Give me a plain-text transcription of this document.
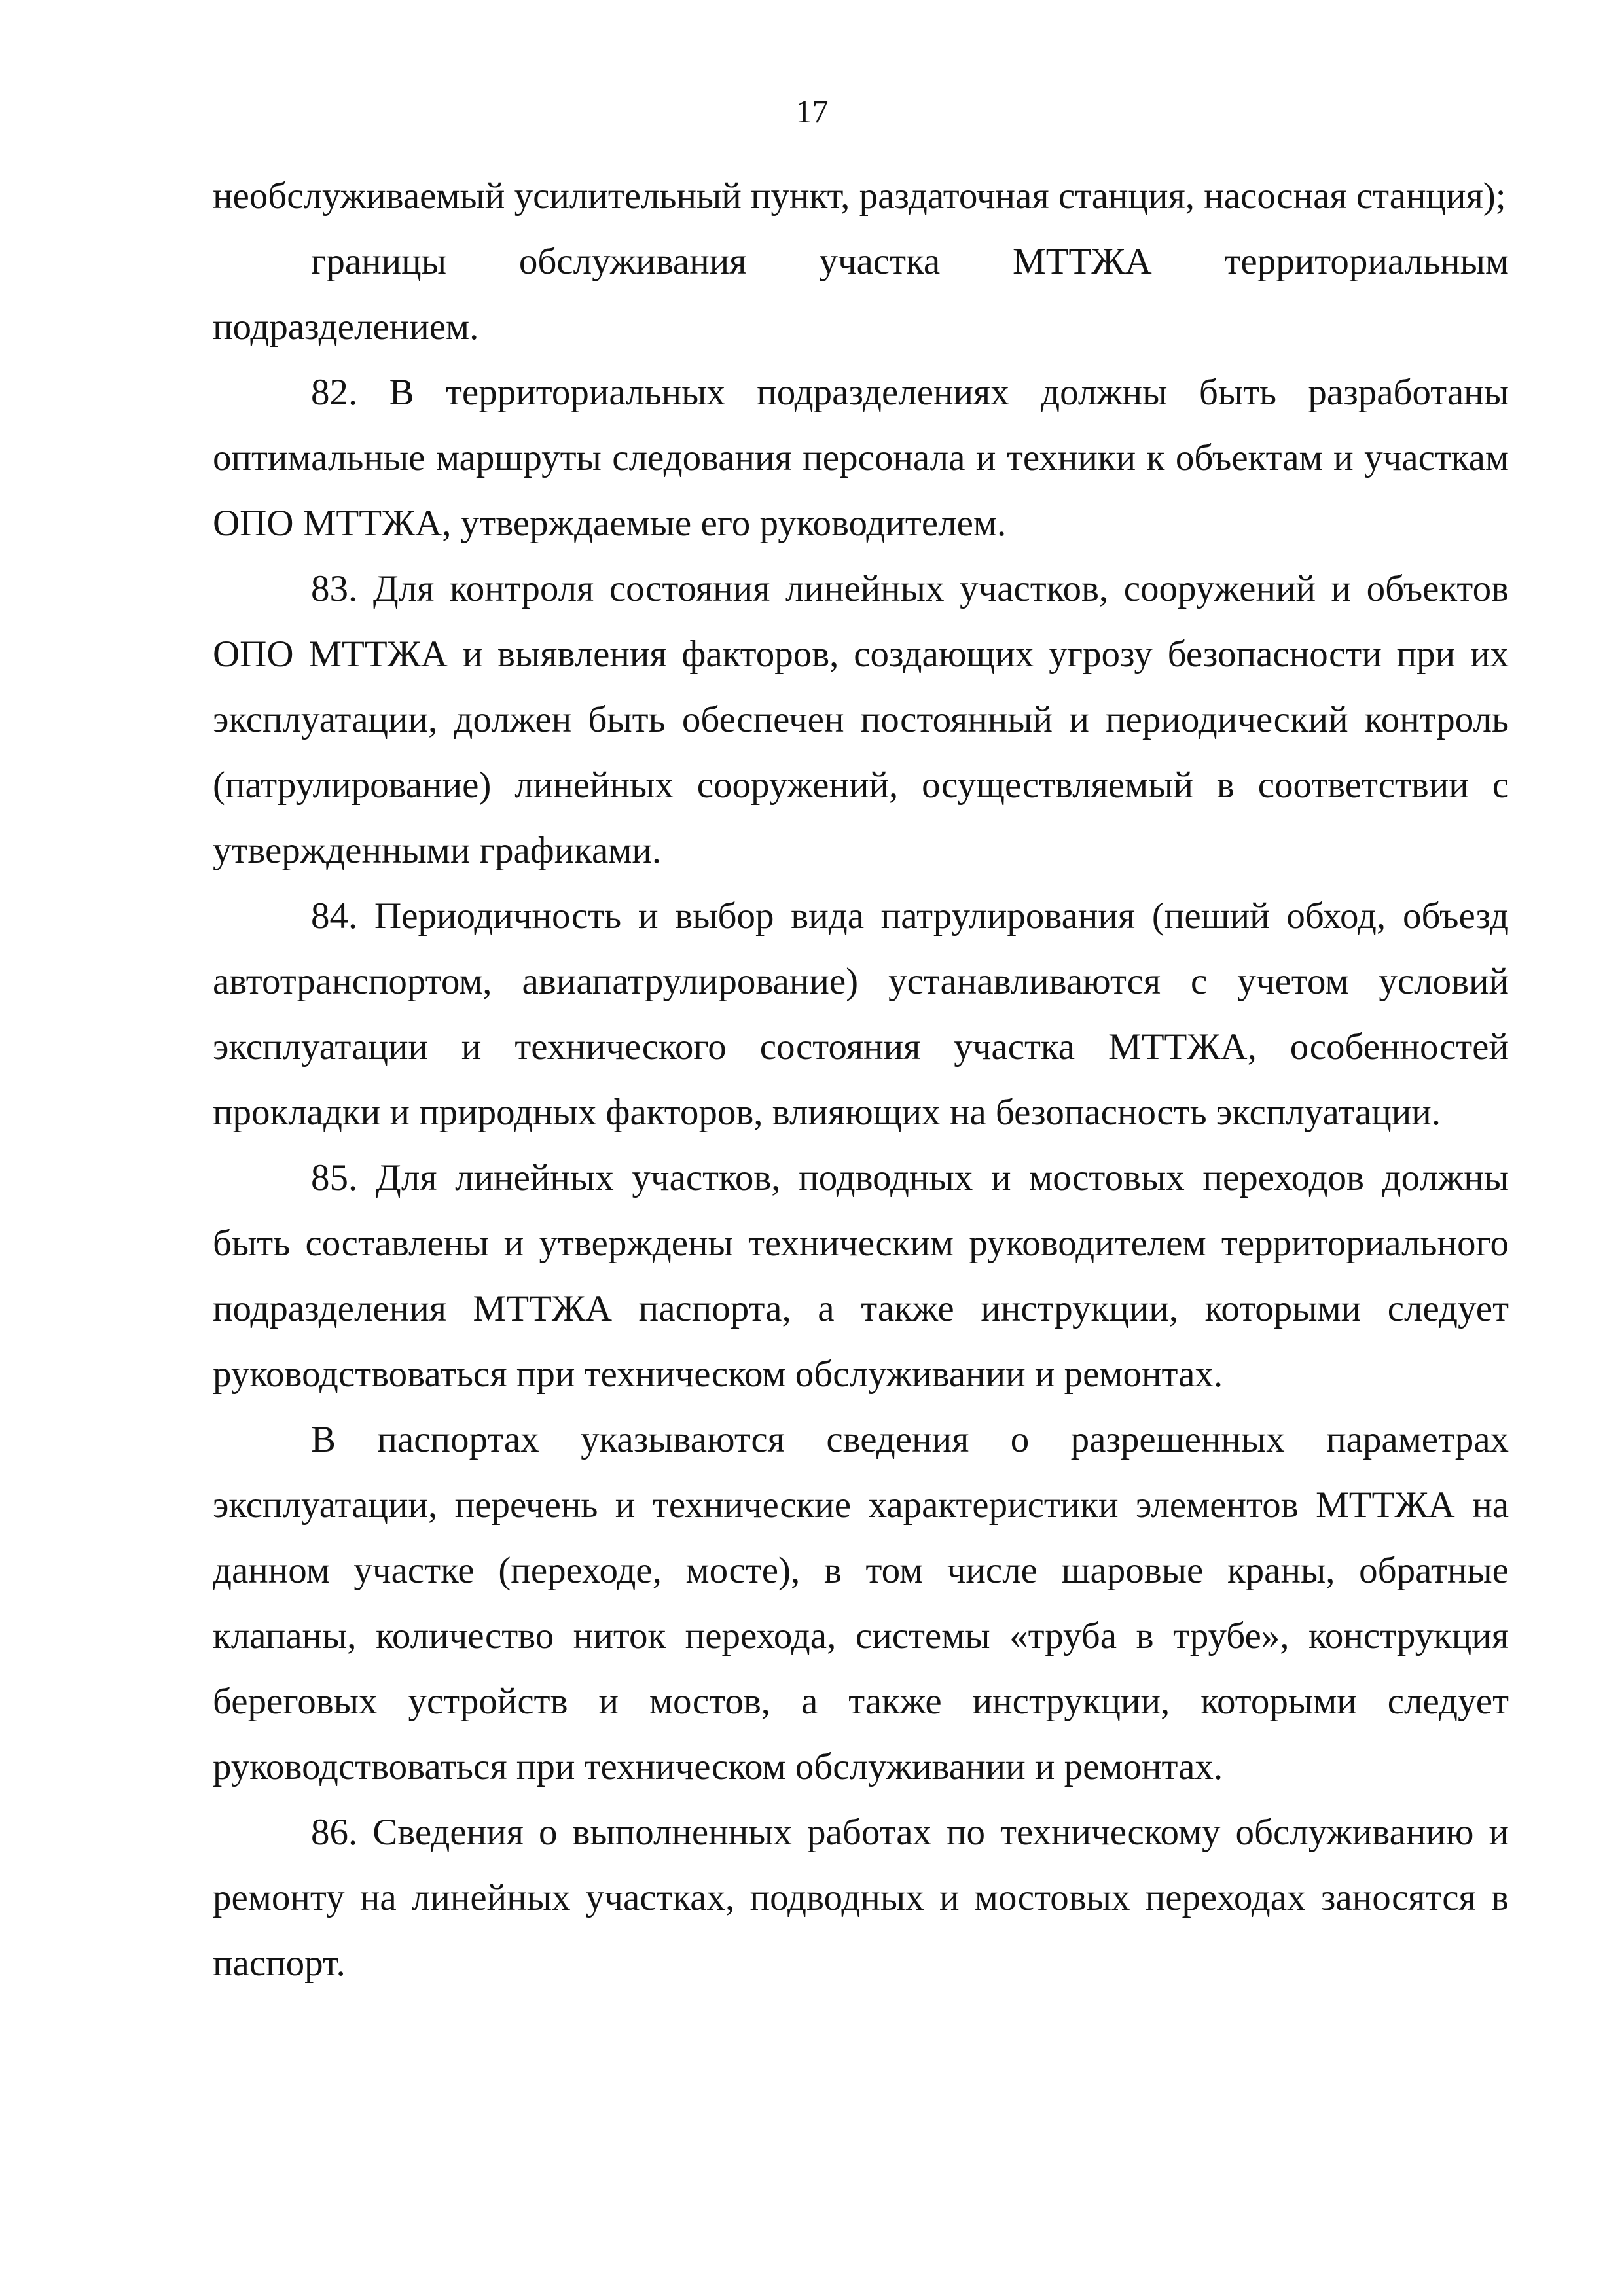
17

необслуживаемый усилительный пункт, раздаточная станция, насосная станция);

границы обслуживания участка МТТЖА территориальным подразделением.

82. В территориальных подразделениях должны быть разработаны оптимальные маршруты следования персонала и техники к объектам и участкам ОПО МТТЖА, утверждаемые его руководителем.

83. Для контроля состояния линейных участков, сооружений и объектов ОПО МТТЖА и выявления факторов, создающих угрозу безопасности при их эксплуатации, должен быть обеспечен постоянный и периодический контроль (патрулирование) линейных сооружений, осуществляемый в соответствии с утвержденными графиками.

84. Периодичность и выбор вида патрулирования (пеший обход, объезд автотранспортом, авиапатрулирование) устанавливаются с учетом условий эксплуатации и технического состояния участка МТТЖА, особенностей прокладки и природных факторов, влияющих на безопасность эксплуатации.

85. Для линейных участков, подводных и мостовых переходов должны быть составлены и утверждены техническим руководителем территориального подразделения МТТЖА паспорта, а также инструкции, которыми следует руководствоваться при техническом обслуживании и ремонтах.

В паспортах указываются сведения о разрешенных параметрах эксплуатации, перечень и технические характеристики элементов МТТЖА на данном участке (переходе, мосте), в том числе шаровые краны, обратные клапаны, количество ниток перехода, системы «труба в трубе», конструкция береговых устройств и мостов, а также инструкции, которыми следует руководствоваться при техническом обслуживании и ремонтах.

86. Сведения о выполненных работах по техническому обслуживанию и ремонту на линейных участках, подводных и мостовых переходах заносятся в паспорт.
